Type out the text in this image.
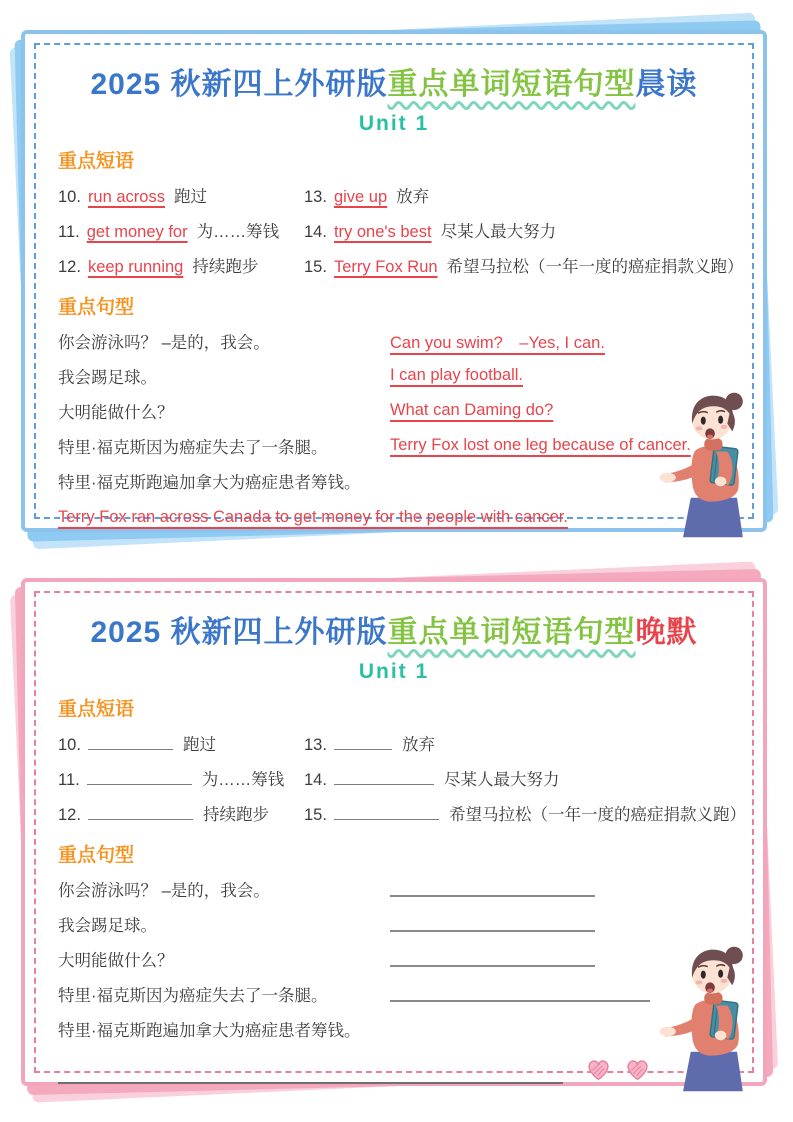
2025 秋新四上外研版重点单词短语句型晨读
Unit 1
重点短语
10. run across 跑过
11. get money for 为……筹钱
12. keep running 持续跑步
13. give up 放弃
14. try one's best 尽某人最大努力
15. Terry Fox Run 希望马拉松（一年一度的癌症捐款义跑）
重点句型
你会游泳吗？ –是的，我会。	Can you swim?　–Yes, I can.
我会踢足球。	I can play football.
大明能做什么？	What can Daming do?
特里·福克斯因为癌症失去了一条腿。	Terry Fox lost one leg because of cancer.
特里·福克斯跑遍加拿大为癌症患者筹钱。
Terry Fox ran across Canada to get money for the people with cancer.
2025 秋新四上外研版重点单词短语句型晚默
Unit 1
重点短语
10.	跑过
11.	为……筹钱
12.	持续跑步
13.	放弃
14.	尽某人最大努力
15.	希望马拉松（一年一度的癌症捐款义跑）
重点句型
你会游泳吗？ –是的，我会。
我会踢足球。
大明能做什么？
特里·福克斯因为癌症失去了一条腿。
特里·福克斯跑遍加拿大为癌症患者筹钱。
